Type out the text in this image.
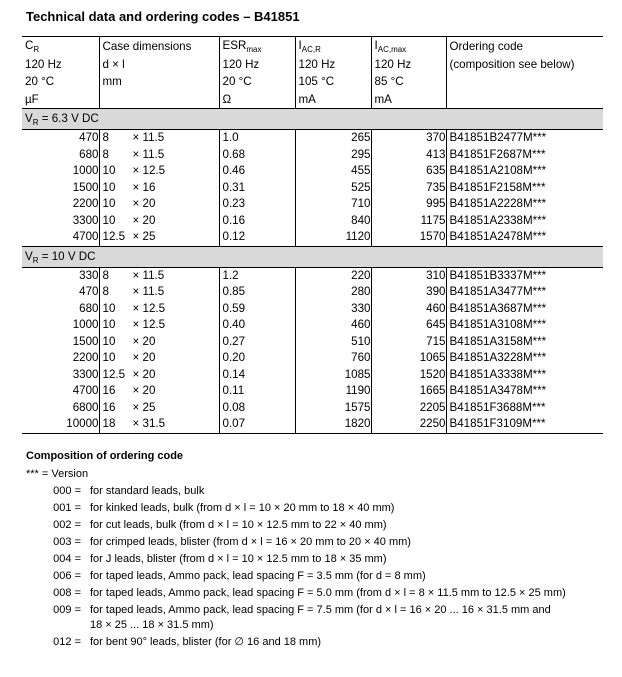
Technical data and ordering codes – B41851
$C_R$	Case dimensions	$ESR_{max}$	$I_{AC,R}$	$I_{AC,max}$	Ordering code
120 Hz	d × l	120 Hz	120 Hz	120 Hz	(composition see below)
20 °C	mm	20 °C	105 °C	85 °C	
µF		Ω	mA	mA	
$V_R = 6.3$ V DC					
470	8 × 11.5	1.0	265	370	B41851B2477M***
680	8 × 11.5	0.68	295	413	B41851F2687M***
1000	10 × 12.5	0.46	455	635	B41851A2108M***
1500	10 × 16	0.31	525	735	B41851F2158M***
2200	10 × 20	0.23	710	995	B41851A2228M***
3300	10 × 20	0.16	840	1175	B41851A2338M***
4700	12.5 × 25	0.12	1120	1570	B41851A2478M***
$V_R = 10$ V DC					
330	8 × 11.5	1.2	220	310	B41851B3337M***
470	8 × 11.5	0.85	280	390	B41851A3477M***
680	10 × 12.5	0.59	330	460	B41851A3687M***
1000	10 × 12.5	0.40	460	645	B41851A3108M***
1500	10 × 20	0.27	510	715	B41851A3158M***
2200	10 × 20	0.20	760	1065	B41851A3228M***
3300	12.5 × 20	0.14	1085	1520	B41851A3338M***
4700	16 × 20	0.11	1190	1665	B41851A3478M***
6800	16 × 25	0.08	1575	2205	B41851F3688M***
10000	18 × 31.5	0.07	1820	2250	B41851F3109M***
Composition of ordering code
*** = Version
000 = for standard leads, bulk
001 = for kinked leads, bulk (from d × l = 10 × 20 mm to 18 × 40 mm)
002 = for cut leads, bulk (from d × l = 10 × 12.5 mm to 22 × 40 mm)
003 = for crimped leads, blister (from d × l = 16 × 20 mm to 20 × 40 mm)
004 = for J leads, blister (from d × l = 10 × 12.5 mm to 18 × 35 mm)
006 = for taped leads, Ammo pack, lead spacing F = 3.5 mm (for d = 8 mm)
008 = for taped leads, Ammo pack, lead spacing F = 5.0 mm (from d × l = 8 × 11.5 mm to 12.5 × 25 mm)
009 = for taped leads, Ammo pack, lead spacing F = 7.5 mm (for d × l = 16 × 20 ... 16 × 31.5 mm and
18 × 25 ... 18 × 31.5 mm)
012 = for bent 90° leads, blister (for ∅ 16 and 18 mm)
